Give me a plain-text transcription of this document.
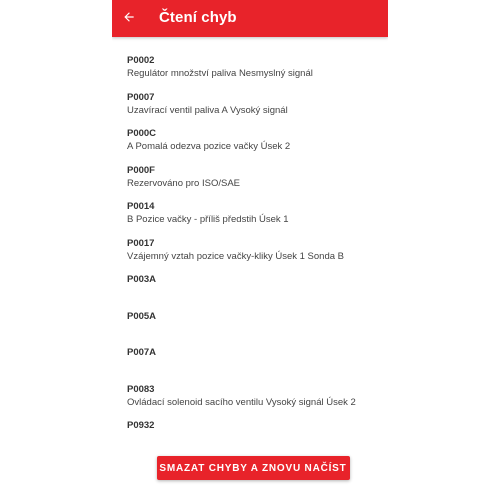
Čtení chyb
P0002
Regulátor množství paliva Nesmyslný signál
P0007
Uzavírací ventil paliva A Vysoký signál
P000C
A Pomalá odezva pozice vačky Úsek 2
P000F
Rezervováno pro ISO/SAE
P0014
B Pozice vačky - příliš předstih Úsek 1
P0017
Vzájemný vztah pozice vačky-kliky Úsek 1 Sonda B
P003A
P005A
P007A
P0083
Ovládací solenoid sacího ventilu Vysoký signál Úsek 2
P0932
SMAZAT CHYBY A ZNOVU NAČÍST
